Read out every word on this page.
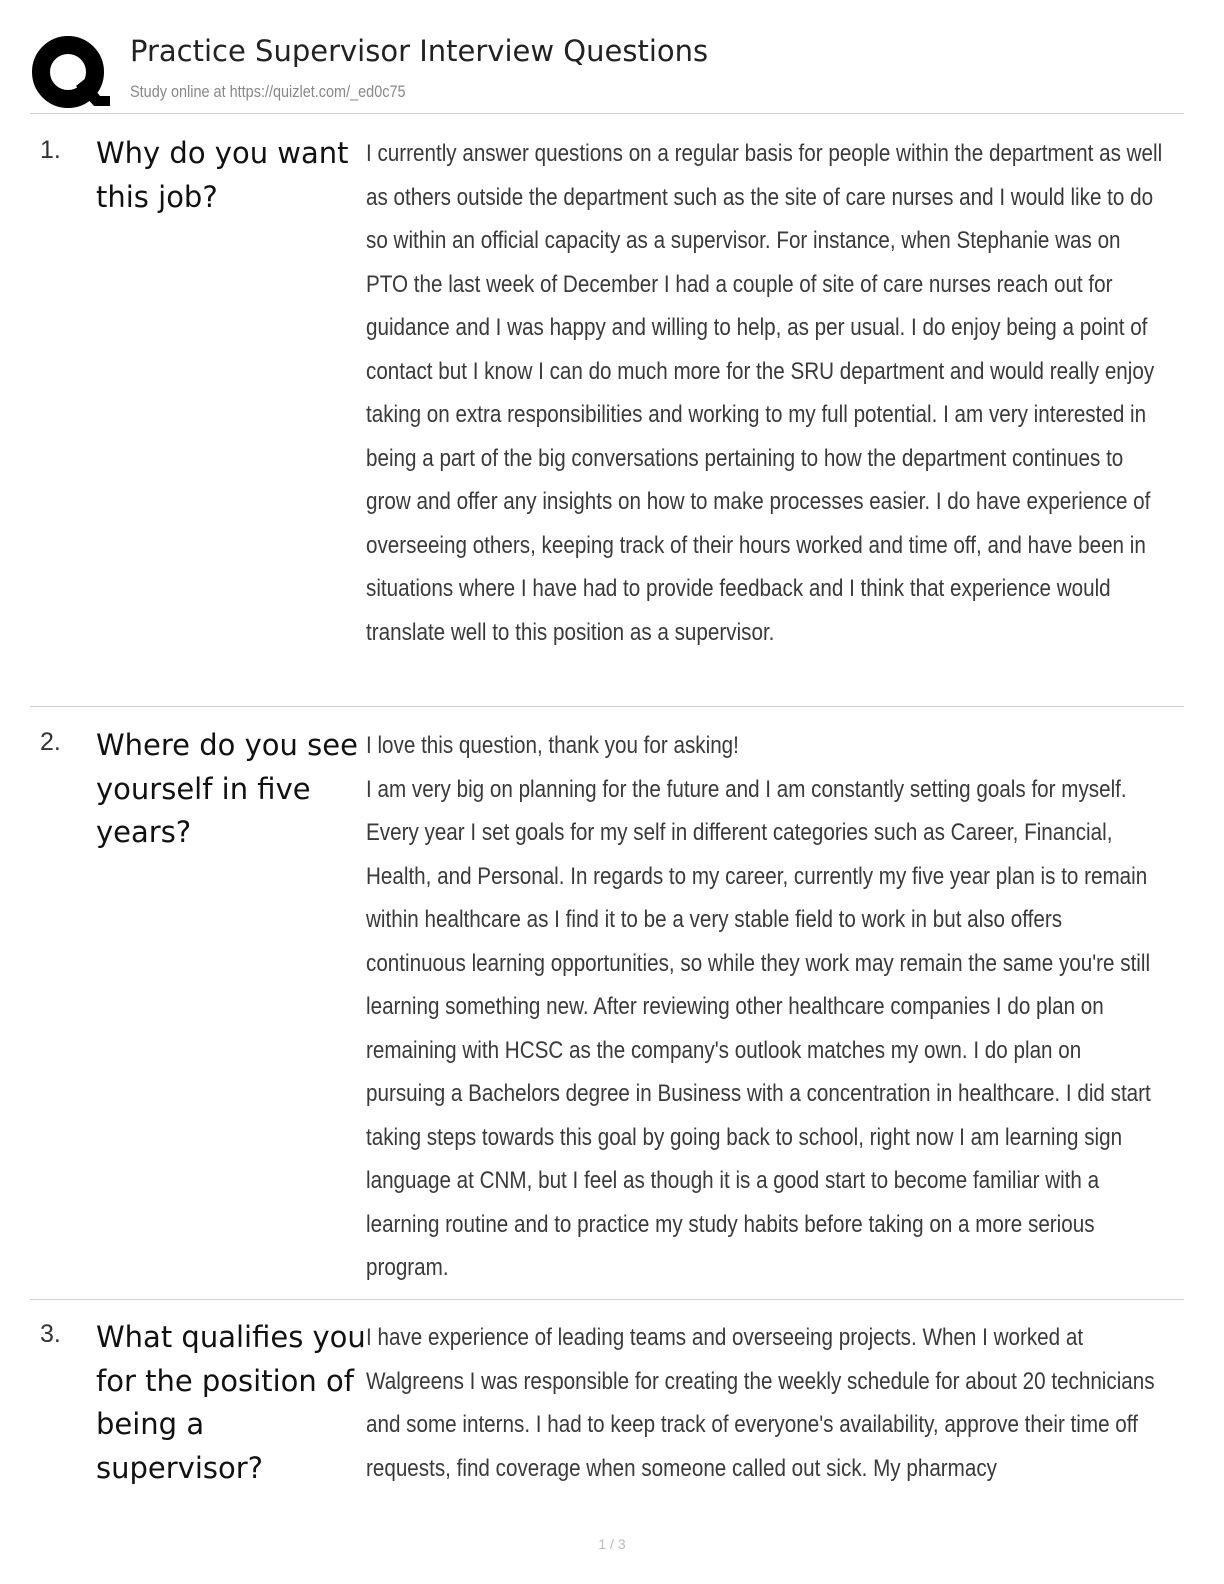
Practice Supervisor Interview Questions
Study online at https://quizlet.com/_ed0c75
1. Why do you want this job?

I currently answer questions on a regular basis for people within the department as well as others outside the department such as the site of care nurses and I would like to do so within an official capacity as a supervisor. For instance, when Stephanie was on PTO the last week of December I had a couple of site of care nurses reach out for guidance and I was happy and willing to help, as per usual. I do enjoy being a point of contact but I know I can do much more for the SRU department and would really enjoy taking on extra responsibilities and working to my full potential. I am very interested in being a part of the big conversations pertaining to how the department continues to grow and offer any insights on how to make processes easier. I do have experience of overseeing others, keeping track of their hours worked and time off, and have been in situations where I have had to provide feedback and I think that experience would translate well to this position as a supervisor.

2. Where do you see yourself in five years?

I love this question, thank you for asking!
I am very big on planning for the future and I am constantly setting goals for myself. Every year I set goals for my self in different categories such as Career, Financial, Health, and Personal. In regards to my career, currently my five year plan is to remain within healthcare as I find it to be a very stable field to work in but also offers continuous learning opportunities, so while they work may remain the same you're still learning something new. After reviewing other healthcare companies I do plan on remaining with HCSC as the company's outlook matches my own. I do plan on pursuing a Bachelors degree in Business with a concentration in healthcare. I did start taking steps towards this goal by going back to school, right now I am learning sign language at CNM, but I feel as though it is a good start to become familiar with a learning routine and to practice my study habits before taking on a more serious program.

3. What qualifies you for the position of being a supervisor?

I have experience of leading teams and overseeing projects. When I worked at Walgreens I was responsible for creating the weekly schedule for about 20 technicians and some interns. I had to keep track of everyone's availability, approve their time off requests, find coverage when someone called out sick. My pharmacy

1 / 3
